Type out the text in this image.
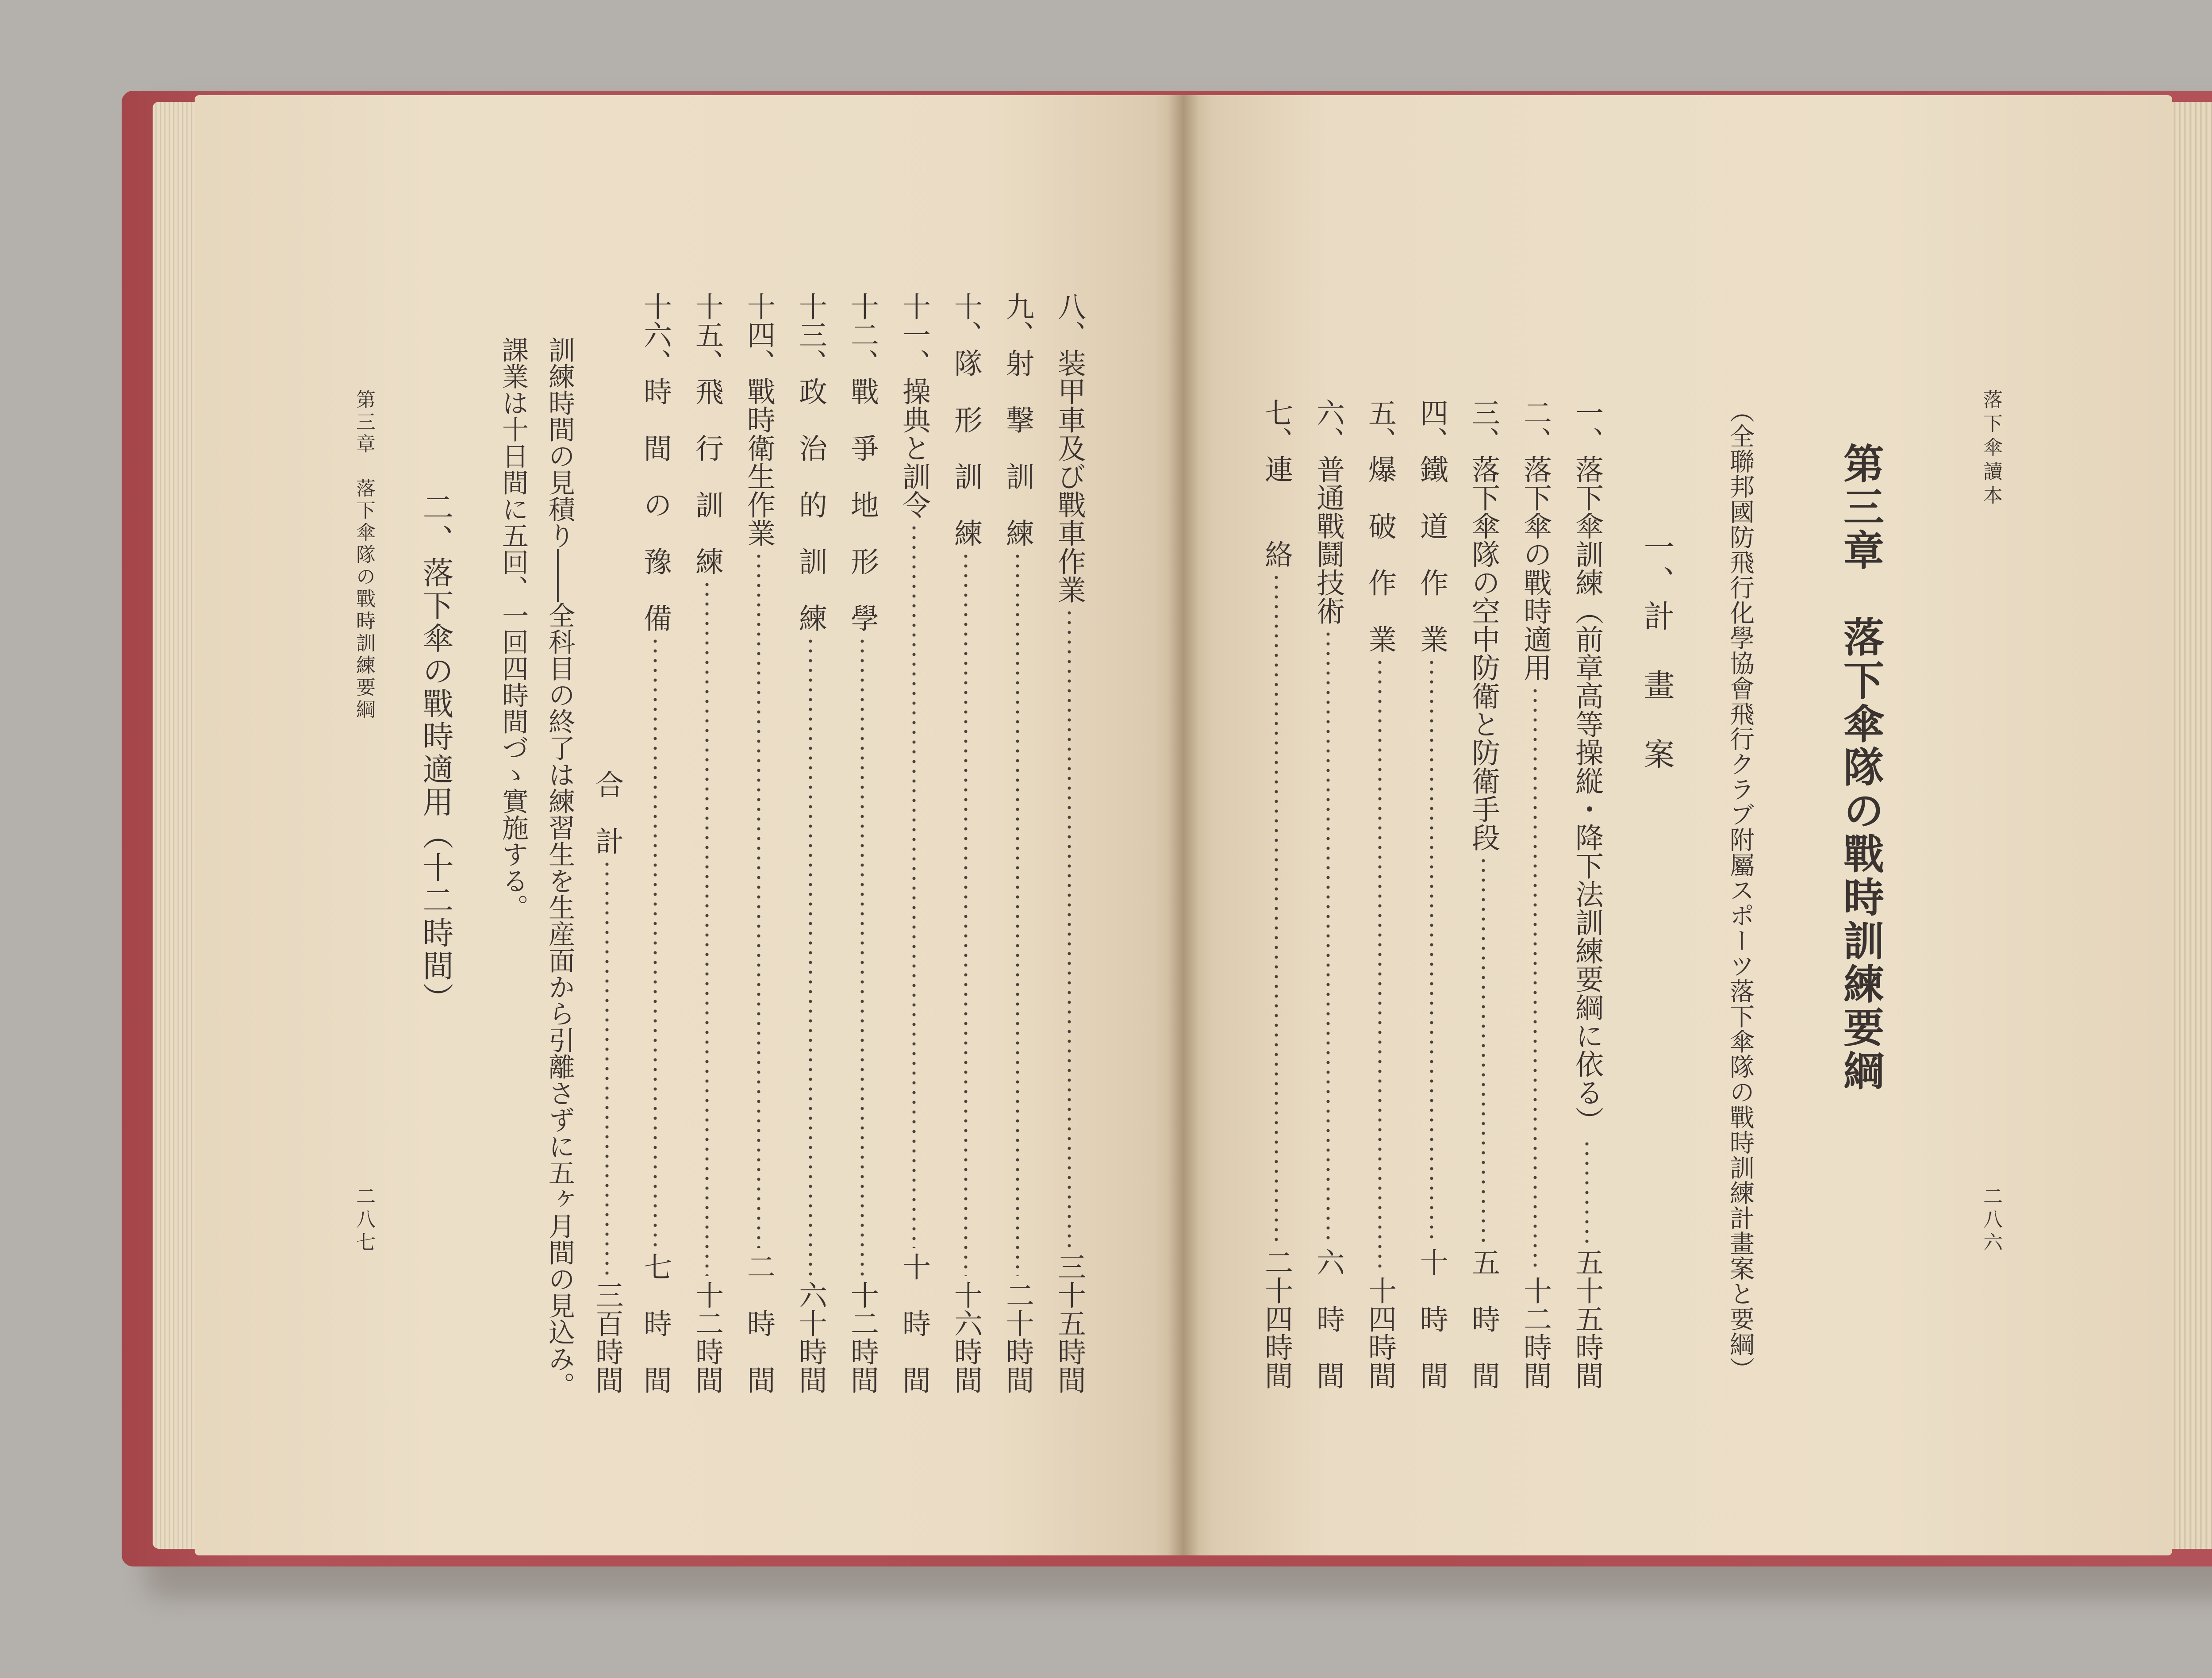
落下傘讀本
二八六
第三章　落下傘隊の戰時訓練要綱
（全聯邦國防飛行化學協會飛行クラブ附屬スポーツ落下傘隊の戰時訓練計畫案と要綱）
一、計　畫　案
一、落下傘訓練（前章高等操縦・降下法訓練要綱に依る）
五十五時間
二、落下傘の戰時適用
十二時間
三、落下傘隊の空中防衛と防衛手段
五　時　間
四、鐵　道　作　業
十　時　間
五、爆　破　作　業
十四時間
六、普通戰鬪技術
六　時　間
七、連　　絡
二十四時間
八、装甲車及び戰車作業
三十五時間
九、射　撃　訓　練
二十時間
十、隊　形　訓　練
十六時間
十一、操典と訓令
十　時　間
十二、戰　爭　地　形　學
十二時間
十三、政　治　的　訓　練
六十時間
十四、戰時衛生作業
二　時　間
十五、飛　行　訓　練
十二時間
十六、時　間　の　豫　備
七　時　間
合　計
三百時間
訓練時間の見積り――全科目の終了は練習生を生産面から引離さずに五ヶ月間の見込み。
課業は十日間に五回、一回四時間づゝ實施する。
二、落下傘の戰時適用（十二時間）
第三章　落下傘隊の戰時訓練要綱
二八七
